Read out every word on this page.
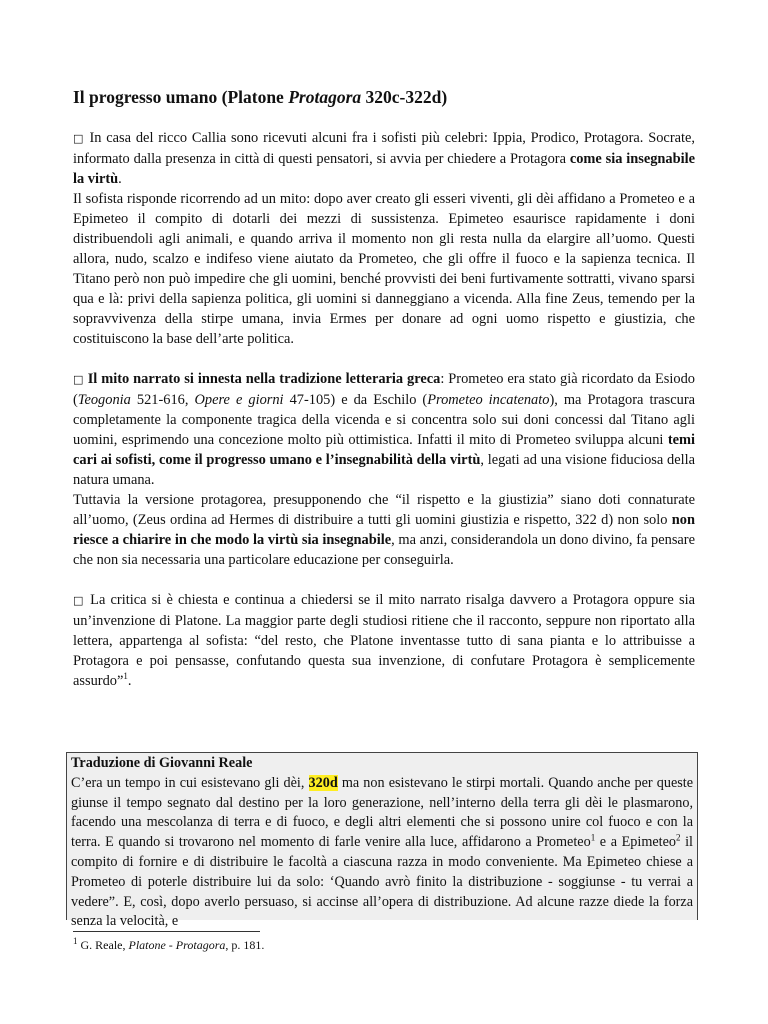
Il progresso umano (Platone Protagora 320c-322d)

□ In casa del ricco Callia sono ricevuti alcuni fra i sofisti più celebri: Ippia, Prodico, Protagora. Socrate, informato dalla presenza in città di questi pensatori, si avvia per chiedere a Protagora come sia insegnabile la virtù.

Il sofista risponde ricorrendo ad un mito: dopo aver creato gli esseri viventi, gli dèi affidano a Prometeo e a Epimeteo il compito di dotarli dei mezzi di sussistenza. Epimeteo esaurisce rapidamente i doni distribuendoli agli animali, e quando arriva il momento non gli resta nulla da elargire all’uomo. Questi allora, nudo, scalzo e indifeso viene aiutato da Prometeo, che gli offre il fuoco e la sapienza tecnica. Il Titano però non può impedire che gli uomini, benché provvisti dei beni furtivamente sottratti, vivano sparsi qua e là: privi della sapienza politica, gli uomini si danneggiano a vicenda. Alla fine Zeus, temendo per la sopravvivenza della stirpe umana, invia Ermes per donare ad ogni uomo rispetto e giustizia, che costituiscono la base dell’arte politica.

□ Il mito narrato si innesta nella tradizione letteraria greca: Prometeo era stato già ricordato da Esiodo (Teogonia 521-616, Opere e giorni 47-105) e da Eschilo (Prometeo incatenato), ma Protagora trascura completamente la componente tragica della vicenda e si concentra solo sui doni concessi dal Titano agli uomini, esprimendo una concezione molto più ottimistica. Infatti il mito di Prometeo sviluppa alcuni temi cari ai sofisti, come il progresso umano e l’insegnabilità della virtù, legati ad una visione fiduciosa della natura umana.

Tuttavia la versione protagorea, presupponendo che “il rispetto e la giustizia” siano doti connaturate all’uomo, (Zeus ordina ad Hermes di distribuire a tutti gli uomini giustizia e rispetto, 322 d) non solo non riesce a chiarire in che modo la virtù sia insegnabile, ma anzi, considerandola un dono divino, fa pensare che non sia necessaria una particolare educazione per conseguirla.

□ La critica si è chiesta e continua a chiedersi se il mito narrato risalga davvero a Protagora oppure sia un’invenzione di Platone. La maggior parte degli studiosi ritiene che il racconto, seppure non riportato alla lettera, appartenga al sofista: “del resto, che Platone inventasse tutto di sana pianta e lo attribuisse a Protagora e poi pensasse, confutando questa sua invenzione, di confutare Protagora è semplicemente assurdo”$^1$.

Traduzione di Giovanni Reale
C’era un tempo in cui esistevano gli dèi, 320d ma non esistevano le stirpi mortali. Quando anche per queste giunse il tempo segnato dal destino per la loro generazione, nell’interno della terra gli dèi le plasmarono, facendo una mescolanza di terra e di fuoco, e degli altri elementi che si possono unire col fuoco e con la terra. E quando si trovarono nel momento di farle venire alla luce, affidarono a Prometeo$^1$ e a Epimeteo$^2$ il compito di fornire e di distribuire le facoltà a ciascuna razza in modo conveniente. Ma Epimeteo chiese a Prometeo di poterle distribuire lui da solo: ‘Quando avrò finito la distribuzione - soggiunse - tu verrai a vedere”. E, così, dopo averlo persuaso, si accinse all’opera di distribuzione. Ad alcune razze diede la forza senza la velocità, e

$^1$ G. Reale, Platone - Protagora, p. 181.
